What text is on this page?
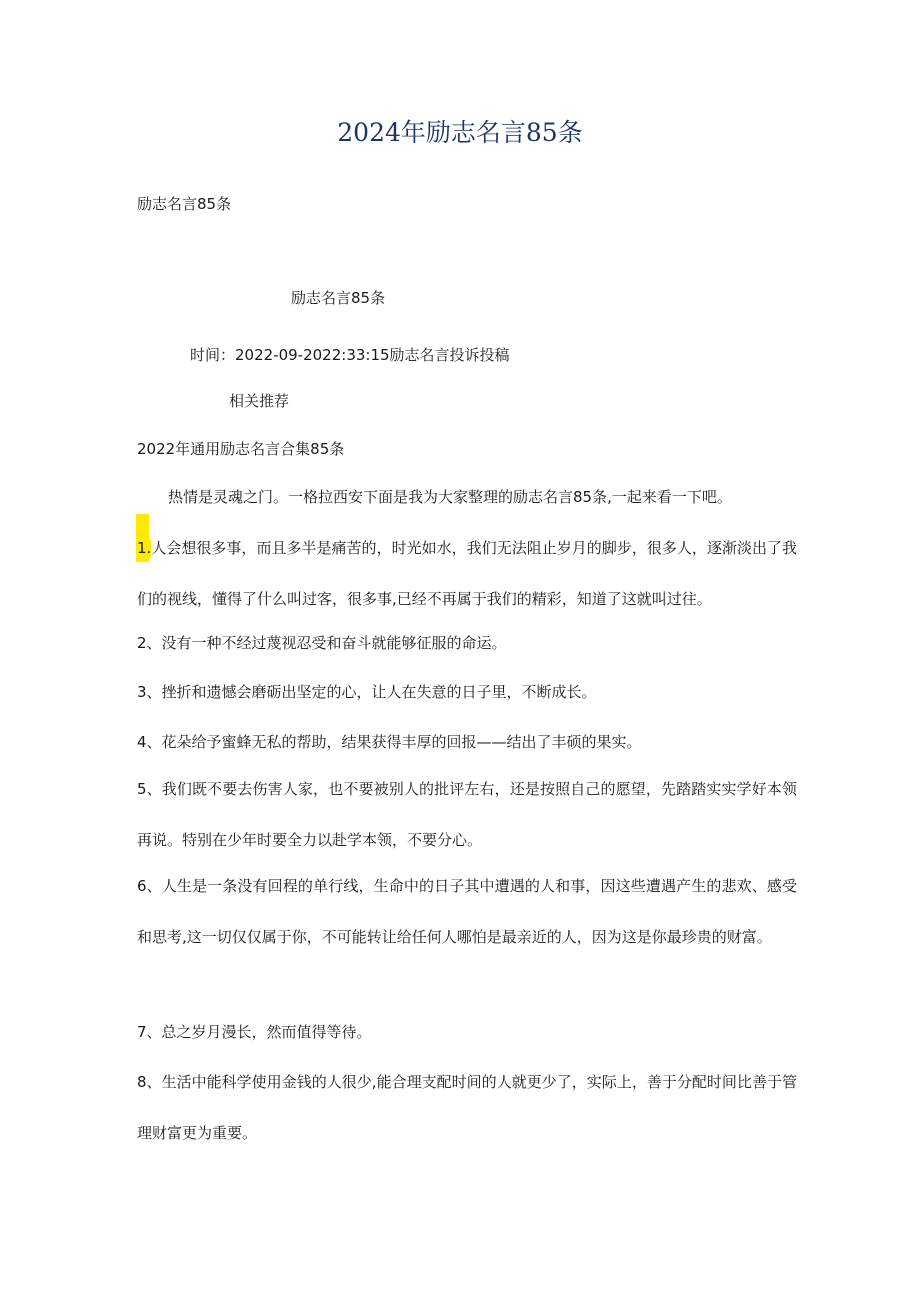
2024年励志名言85条

励志名言85条

励志名言85条

时间：2022-09-2022:33:15励志名言投诉投稿

相关推荐

2022年通用励志名言合集85条

热情是灵魂之门。一格拉西安下面是我为大家整理的励志名言85条,一起来看一下吧。

1.人会想很多事，而且多半是痛苦的，时光如水，我们无法阻止岁月的脚步，很多人，逐渐淡出了我们的视线，懂得了什么叫过客，很多事,已经不再属于我们的精彩，知道了这就叫过往。

2、没有一种不经过蔑视忍受和奋斗就能够征服的命运。

3、挫折和遗憾会磨砺出坚定的心，让人在失意的日子里，不断成长。

4、花朵给予蜜蜂无私的帮助，结果获得丰厚的回报——结出了丰硕的果实。

5、我们既不要去伤害人家，也不要被别人的批评左右，还是按照自己的愿望，先踏踏实实学好本领再说。特别在少年时要全力以赴学本领，不要分心。

6、人生是一条没有回程的单行线，生命中的日子其中遭遇的人和事，因这些遭遇产生的悲欢、感受和思考,这一切仅仅属于你，不可能转让给任何人哪怕是最亲近的人，因为这是你最珍贵的财富。

7、总之岁月漫长，然而值得等待。

8、生活中能科学使用金钱的人很少,能合理支配时间的人就更少了，实际上，善于分配时间比善于管理财富更为重要。
